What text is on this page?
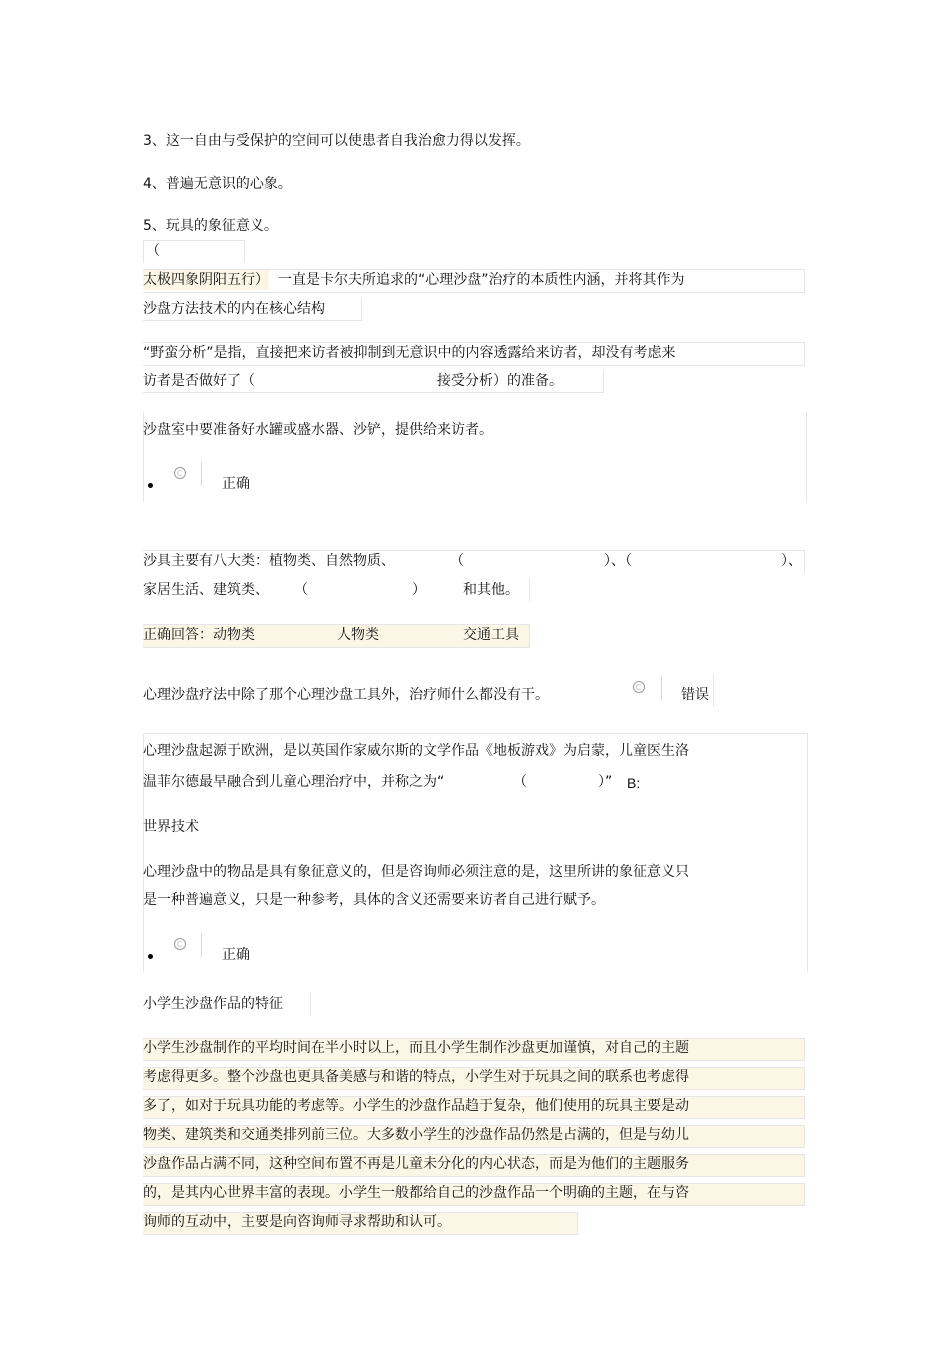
3、这一自由与受保护的空间可以使患者自我治愈力得以发挥。
4、普遍无意识的心象。
5、玩具的象征意义。
（
太极四象阴阳五行） 一直是卡尔夫所追求的“心理沙盘”治疗的本质性内涵，并将其作为
沙盘方法技术的内在核心结构
“野蛮分析”是指，直接把来访者被抑制到无意识中的内容透露给来访者，却没有考虑来
访者是否做好了（	接受分析）的准备。
沙盘室中要准备好水罐或盛水器、沙铲，提供给来访者。
正确
沙具主要有八大类：植物类、自然物质、	（	）、（	）、
家居生活、建筑类、 （	）	和其他。
正确回答：动物类	人物类	交通工具
心理沙盘疗法中除了那个心理沙盘工具外，治疗师什么都没有干。	错误
心理沙盘起源于欧洲，是以英国作家威尔斯的文学作品《地板游戏》为启蒙，儿童医生洛
温菲尔德最早融合到儿童心理治疗中，并称之为“	（	）” B:
世界技术
心理沙盘中的物品是具有象征意义的，但是咨询师必须注意的是，这里所讲的象征意义只
是一种普遍意义，只是一种参考，具体的含义还需要来访者自己进行赋予。
正确
小学生沙盘作品的特征
小学生沙盘制作的平均时间在半小时以上，而且小学生制作沙盘更加谨慎，对自己的主题
考虑得更多。整个沙盘也更具备美感与和谐的特点，小学生对于玩具之间的联系也考虑得
多了，如对于玩具功能的考虑等。小学生的沙盘作品趋于复杂，他们使用的玩具主要是动
物类、建筑类和交通类排列前三位。大多数小学生的沙盘作品仍然是占满的，但是与幼儿
沙盘作品占满不同，这种空间布置不再是儿童未分化的内心状态，而是为他们的主题服务
的，是其内心世界丰富的表现。小学生一般都给自己的沙盘作品一个明确的主题，在与咨
询师的互动中，主要是向咨询师寻求帮助和认可。
